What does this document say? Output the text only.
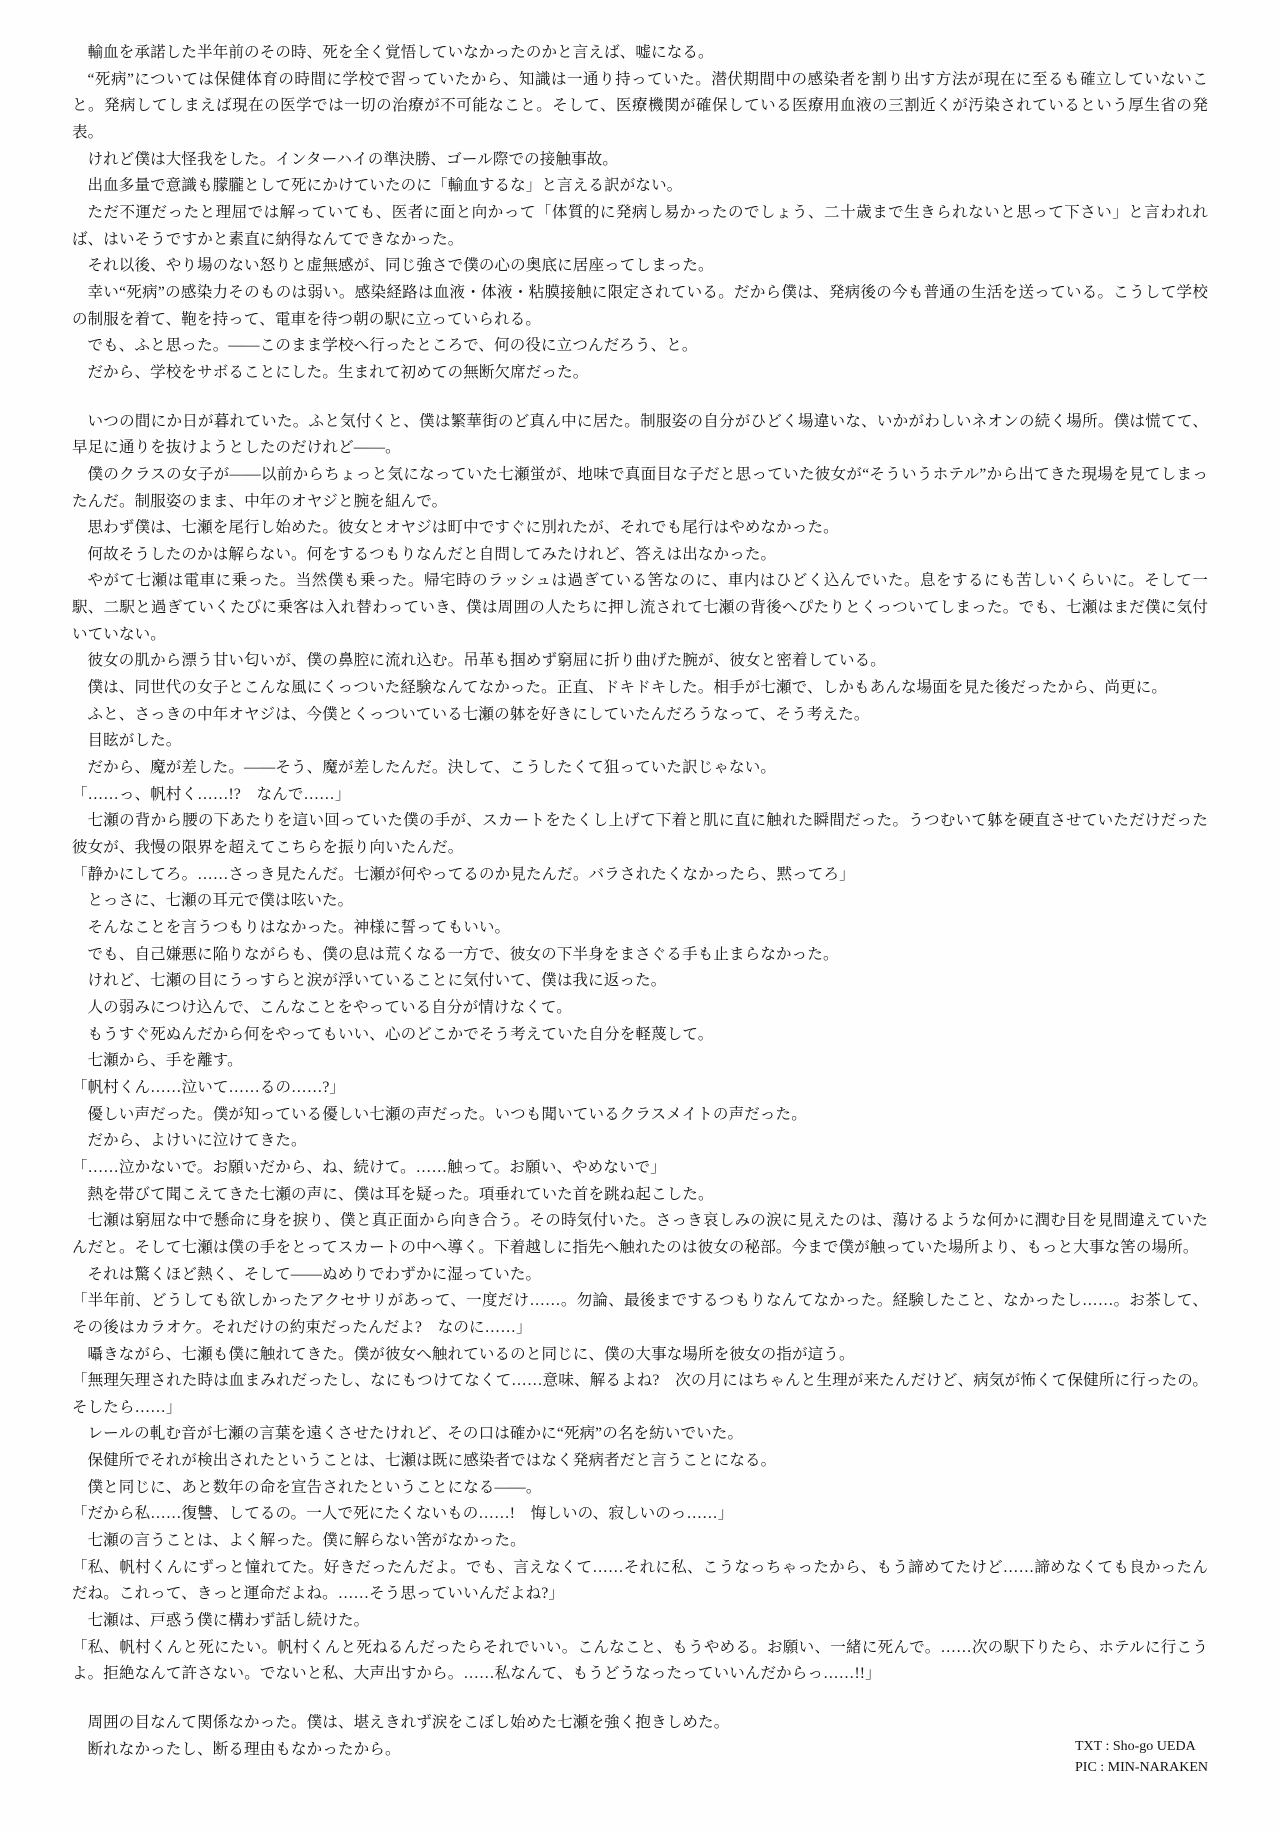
輸血を承諾した半年前のその時、死を全く覚悟していなかったのかと言えば、嘘になる。

“死病”については保健体育の時間に学校で習っていたから、知識は一通り持っていた。潜伏期間中の感染者を割り出す方法が現在に至るも確立していないこと。発病してしまえば現在の医学では一切の治療が不可能なこと。そして、医療機関が確保している医療用血液の三割近くが汚染されているという厚生省の発表。

けれど僕は大怪我をした。インターハイの準決勝、ゴール際での接触事故。

出血多量で意識も朦朧として死にかけていたのに「輸血するな」と言える訳がない。

ただ不運だったと理屈では解っていても、医者に面と向かって「体質的に発病し易かったのでしょう、二十歳まで生きられないと思って下さい」と言われれば、はいそうですかと素直に納得なんてできなかった。

それ以後、やり場のない怒りと虚無感が、同じ強さで僕の心の奥底に居座ってしまった。

幸い“死病”の感染力そのものは弱い。感染経路は血液・体液・粘膜接触に限定されている。だから僕は、発病後の今も普通の生活を送っている。こうして学校の制服を着て、鞄を持って、電車を待つ朝の駅に立っていられる。

でも、ふと思った。——このまま学校へ行ったところで、何の役に立つんだろう、と。

だから、学校をサボることにした。生まれて初めての無断欠席だった。

いつの間にか日が暮れていた。ふと気付くと、僕は繁華街のど真ん中に居た。制服姿の自分がひどく場違いな、いかがわしいネオンの続く場所。僕は慌てて、早足に通りを抜けようとしたのだけれど——。

僕のクラスの女子が——以前からちょっと気になっていた七瀬蛍が、地味で真面目な子だと思っていた彼女が“そういうホテル”から出てきた現場を見てしまったんだ。制服姿のまま、中年のオヤジと腕を組んで。

思わず僕は、七瀬を尾行し始めた。彼女とオヤジは町中ですぐに別れたが、それでも尾行はやめなかった。

何故そうしたのかは解らない。何をするつもりなんだと自問してみたけれど、答えは出なかった。

やがて七瀬は電車に乗った。当然僕も乗った。帰宅時のラッシュは過ぎている筈なのに、車内はひどく込んでいた。息をするにも苦しいくらいに。そして一駅、二駅と過ぎていくたびに乗客は入れ替わっていき、僕は周囲の人たちに押し流されて七瀬の背後へぴたりとくっついてしまった。でも、七瀬はまだ僕に気付いていない。

彼女の肌から漂う甘い匂いが、僕の鼻腔に流れ込む。吊革も掴めず窮屈に折り曲げた腕が、彼女と密着している。

僕は、同世代の女子とこんな風にくっついた経験なんてなかった。正直、ドキドキした。相手が七瀬で、しかもあんな場面を見た後だったから、尚更に。

ふと、さっきの中年オヤジは、今僕とくっついている七瀬の躰を好きにしていたんだろうなって、そう考えた。

目眩がした。

だから、魔が差した。——そう、魔が差したんだ。決して、こうしたくて狙っていた訳じゃない。

「……っ、帆村く……!?　なんで……」

七瀬の背から腰の下あたりを這い回っていた僕の手が、スカートをたくし上げて下着と肌に直に触れた瞬間だった。うつむいて躰を硬直させていただけだった彼女が、我慢の限界を超えてこちらを振り向いたんだ。

「静かにしてろ。……さっき見たんだ。七瀬が何やってるのか見たんだ。バラされたくなかったら、黙ってろ」

とっさに、七瀬の耳元で僕は呟いた。

そんなことを言うつもりはなかった。神様に誓ってもいい。

でも、自己嫌悪に陥りながらも、僕の息は荒くなる一方で、彼女の下半身をまさぐる手も止まらなかった。

けれど、七瀬の目にうっすらと涙が浮いていることに気付いて、僕は我に返った。

人の弱みにつけ込んで、こんなことをやっている自分が情けなくて。

もうすぐ死ぬんだから何をやってもいい、心のどこかでそう考えていた自分を軽蔑して。

七瀬から、手を離す。

「帆村くん……泣いて……るの……?」

優しい声だった。僕が知っている優しい七瀬の声だった。いつも聞いているクラスメイトの声だった。

だから、よけいに泣けてきた。

「……泣かないで。お願いだから、ね、続けて。……触って。お願い、やめないで」

熱を帯びて聞こえてきた七瀬の声に、僕は耳を疑った。項垂れていた首を跳ね起こした。

七瀬は窮屈な中で懸命に身を捩り、僕と真正面から向き合う。その時気付いた。さっき哀しみの涙に見えたのは、蕩けるような何かに潤む目を見間違えていたんだと。そして七瀬は僕の手をとってスカートの中へ導く。下着越しに指先へ触れたのは彼女の秘部。今まで僕が触っていた場所より、もっと大事な筈の場所。

それは驚くほど熱く、そして——ぬめりでわずかに湿っていた。

「半年前、どうしても欲しかったアクセサリがあって、一度だけ……。勿論、最後までするつもりなんてなかった。経験したこと、なかったし……。お茶して、その後はカラオケ。それだけの約束だったんだよ?　なのに……」

囁きながら、七瀬も僕に触れてきた。僕が彼女へ触れているのと同じに、僕の大事な場所を彼女の指が這う。

「無理矢理された時は血まみれだったし、なにもつけてなくて……意味、解るよね?　次の月にはちゃんと生理が来たんだけど、病気が怖くて保健所に行ったの。そしたら……」

レールの軋む音が七瀬の言葉を遠くさせたけれど、その口は確かに“死病”の名を紡いでいた。

保健所でそれが検出されたということは、七瀬は既に感染者ではなく発病者だと言うことになる。

僕と同じに、あと数年の命を宣告されたということになる——。

「だから私……復讐、してるの。一人で死にたくないもの……!　悔しいの、寂しいのっ……」

七瀬の言うことは、よく解った。僕に解らない筈がなかった。

「私、帆村くんにずっと憧れてた。好きだったんだよ。でも、言えなくて……それに私、こうなっちゃったから、もう諦めてたけど……諦めなくても良かったんだね。これって、きっと運命だよね。……そう思っていいんだよね?」

七瀬は、戸惑う僕に構わず話し続けた。

「私、帆村くんと死にたい。帆村くんと死ねるんだったらそれでいい。こんなこと、もうやめる。お願い、一緒に死んで。……次の駅下りたら、ホテルに行こうよ。拒絶なんて許さない。でないと私、大声出すから。……私なんて、もうどうなったっていいんだからっ……!!」

周囲の目なんて関係なかった。僕は、堪えきれず涙をこぼし始めた七瀬を強く抱きしめた。

断れなかったし、断る理由もなかったから。	TXT : Sho-go UEDA
PIC : MIN-NARAKEN
